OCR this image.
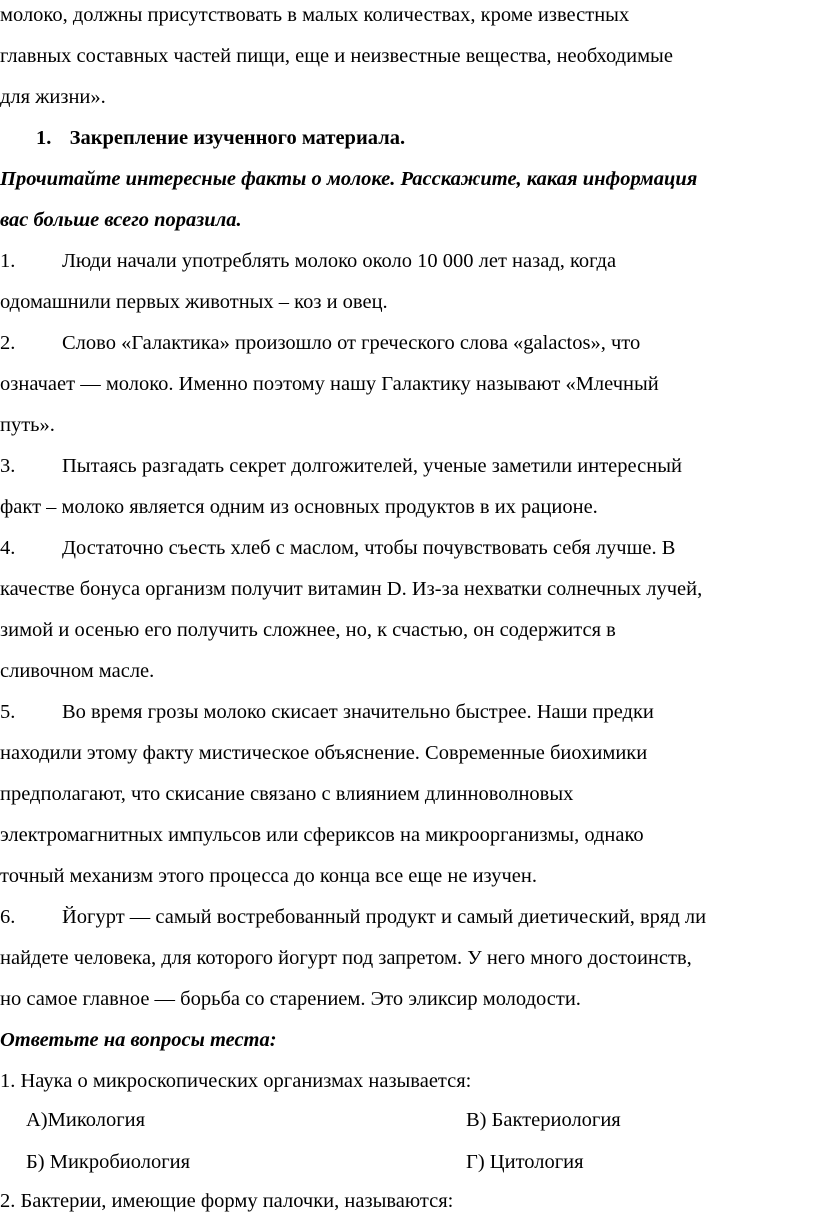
молоко, должны присутствовать в малых количествах, кроме известных
главных составных частей пищи, еще и неизвестные вещества, необходимые
для жизни».
1. Закрепление изученного материала.
Прочитайте интересные факты о молоке. Расскажите, какая информация
вас больше всего поразила.
1. Люди начали употреблять молоко около 10 000 лет назад, когда
одомашнили первых животных – коз и овец.
2. Слово «Галактика» произошло от греческого слова «galactos», что
означает — молоко. Именно поэтому нашу Галактику называют «Млечный
путь».
3. Пытаясь разгадать секрет долгожителей, ученые заметили интересный
факт – молоко является одним из основных продуктов в их рационе.
4. Достаточно съесть хлеб с маслом, чтобы почувствовать себя лучше. В
качестве бонуса организм получит витамин D. Из-за нехватки солнечных лучей,
зимой и осенью его получить сложнее, но, к счастью, он содержится в
сливочном масле.
5. Во время грозы молоко скисает значительно быстрее. Наши предки
находили этому факту мистическое объяснение. Современные биохимики
предполагают, что скисание связано с влиянием длинноволновых
электромагнитных импульсов или сфериксов на микроорганизмы, однако
точный механизм этого процесса до конца все еще не изучен.
6. Йогурт — самый востребованный продукт и самый диетический, вряд ли
найдете человека, для которого йогурт под запретом. У него много достоинств,
но самое главное — борьба со старением. Это эликсир молодости.
Ответьте на вопросы теста:
1. Наука о микроскопических организмах называется:
А)Микология	В) Бактериология
Б) Микробиология	Г) Цитология
2. Бактерии, имеющие форму палочки, называются:
